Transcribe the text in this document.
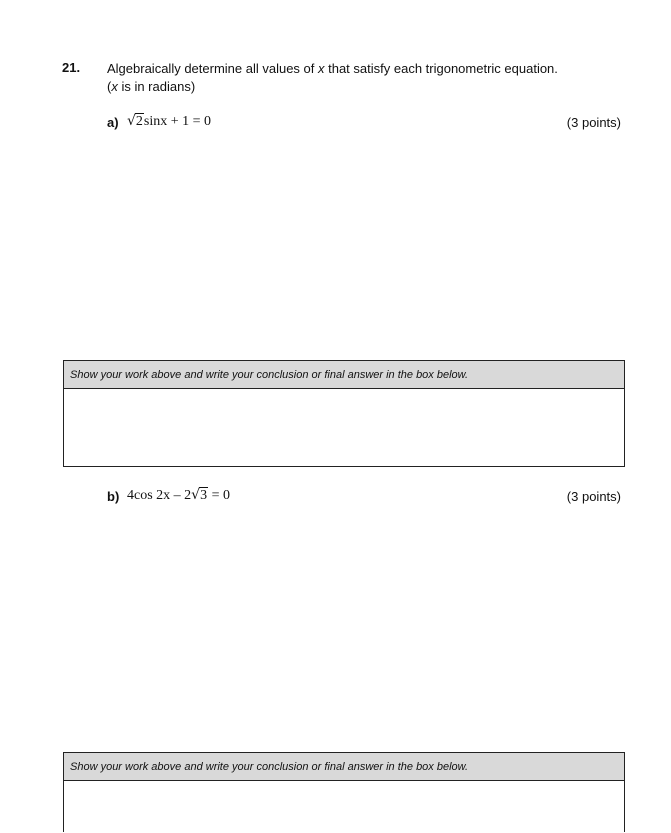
21. Algebraically determine all values of x that satisfy each trigonometric equation.
(x is in radians)
a) √2sinx + 1 = 0	(3 points)
Show your work above and write your conclusion or final answer in the box below.
b) 4cos 2x – 2√3 = 0	(3 points)
Show your work above and write your conclusion or final answer in the box below.
